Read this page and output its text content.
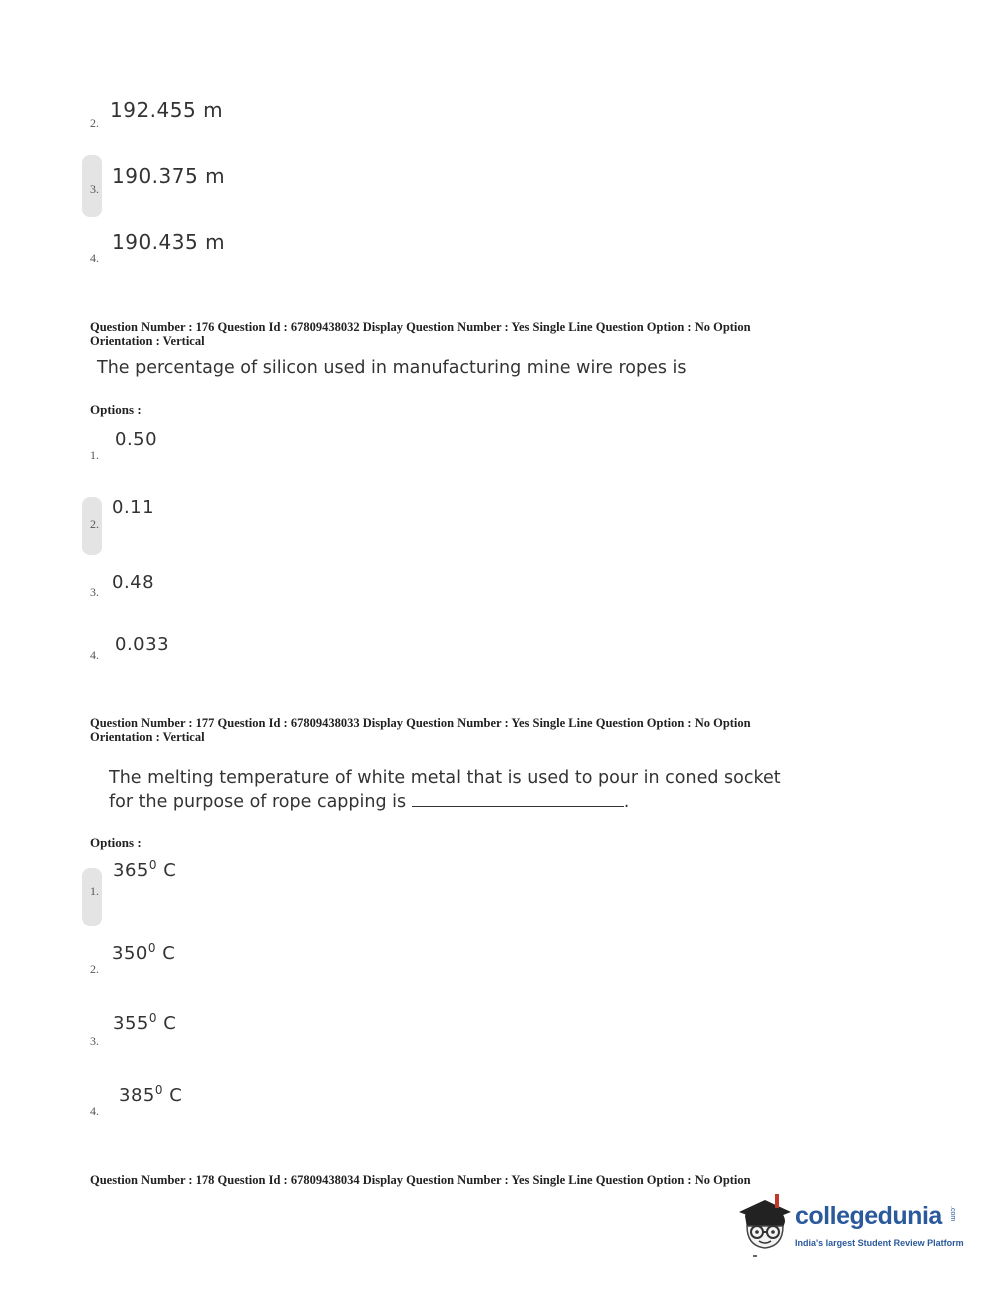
2.
192.455 m
3.
190.375 m
4.
190.435 m
Question Number : 176 Question Id : 67809438032 Display Question Number : Yes Single Line Question Option : No Option
Orientation : Vertical
The percentage of silicon used in manufacturing mine wire ropes is
Options :
1.
0.50
2.
0.11
3. 0.48
4. 0.033
Question Number : 177 Question Id : 67809438033 Display Question Number : Yes Single Line Question Option : No Option
Orientation : Vertical
The melting temperature of white metal that is used to pour in coned socket
for the purpose of rope capping is	.
Options :
1.
$365^0$ C
2.
$350^0$ C
3.
$355^0$ C
4.
$385^0$ C
Question Number : 178 Question Id : 67809438034 Display Question Number : Yes Single Line Question Option : No Option
collegedunia .com
India's largest Student Review Platform
